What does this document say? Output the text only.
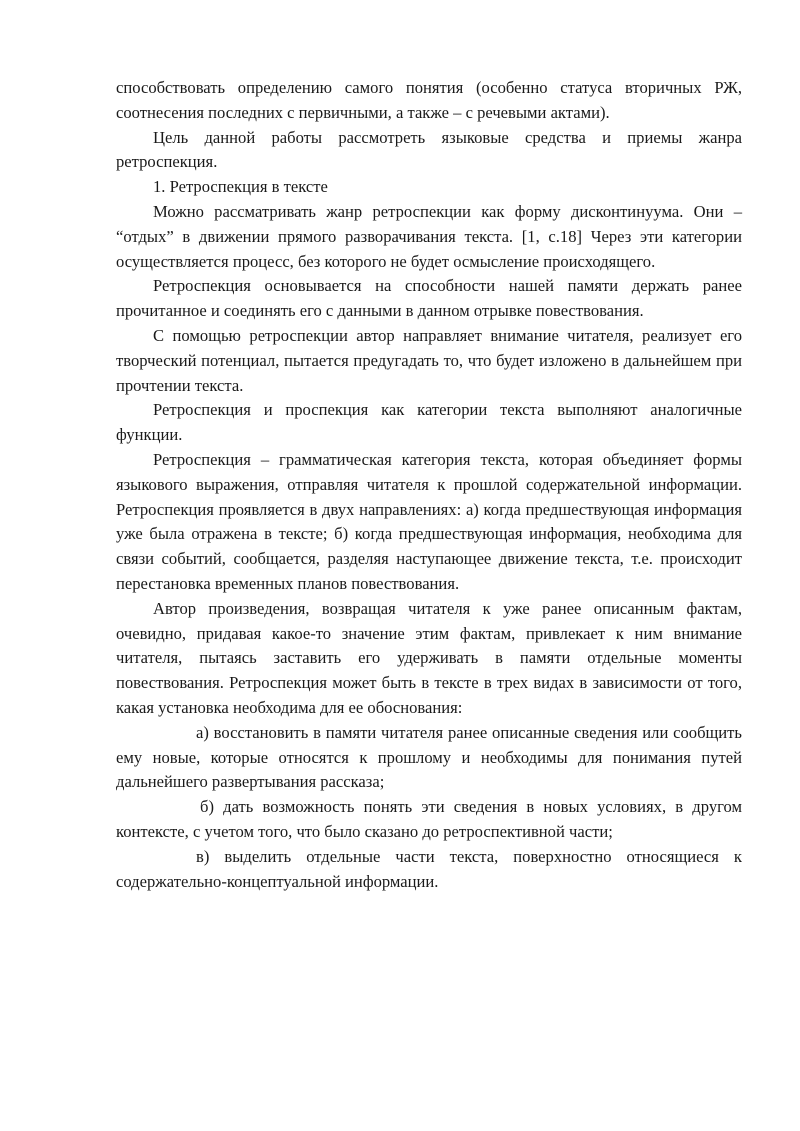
способствовать определению самого понятия (особенно статуса вторичных РЖ, соотнесения последних с первичными, а также – с речевыми актами).

Цель данной работы рассмотреть языковые средства и приемы жанра ретроспекция.

1. Ретроспекция в тексте

Можно рассматривать жанр ретроспекции как форму дисконтинуума. Они – “отдых” в движении прямого разворачивания текста. [1, с.18] Через эти категории осуществляется процесс, без которого не будет осмысление происходящего.

Ретроспекция основывается на способности нашей памяти держать ранее прочитанное и соединять его с данными в данном отрывке повествования.

С помощью ретроспекции автор направляет внимание читателя, реализует его творческий потенциал, пытается предугадать то, что будет изложено в дальнейшем при прочтении текста.

Ретроспекция и проспекция как категории текста выполняют аналогичные функции.

Ретроспекция – грамматическая категория текста, которая объединяет формы языкового выражения, отправляя читателя к прошлой содержательной информации. Ретроспекция проявляется в двух направлениях: а) когда предшествующая информация уже была отражена в тексте; б) когда предшествующая информация, необходима для связи событий, сообщается, разделяя наступающее движение текста, т.е. происходит перестановка временных планов повествования.

Автор произведения, возвращая читателя к уже ранее описанным фактам, очевидно, придавая какое-то значение этим фактам, привлекает к ним внимание читателя, пытаясь заставить его удерживать в памяти отдельные моменты повествования. Ретроспекция может быть в тексте в трех видах в зависимости от того, какая установка необходима для ее обоснования:

а) восстановить в памяти читателя ранее описанные сведения или сообщить ему новые, которые относятся к прошлому и необходимы для понимания путей дальнейшего развертывания рассказа;

б) дать возможность понять эти сведения в новых условиях, в другом контексте, с учетом того, что было сказано до ретроспективной части;

в) выделить отдельные части текста, поверхностно относящиеся к содержательно-концептуальной информации.
